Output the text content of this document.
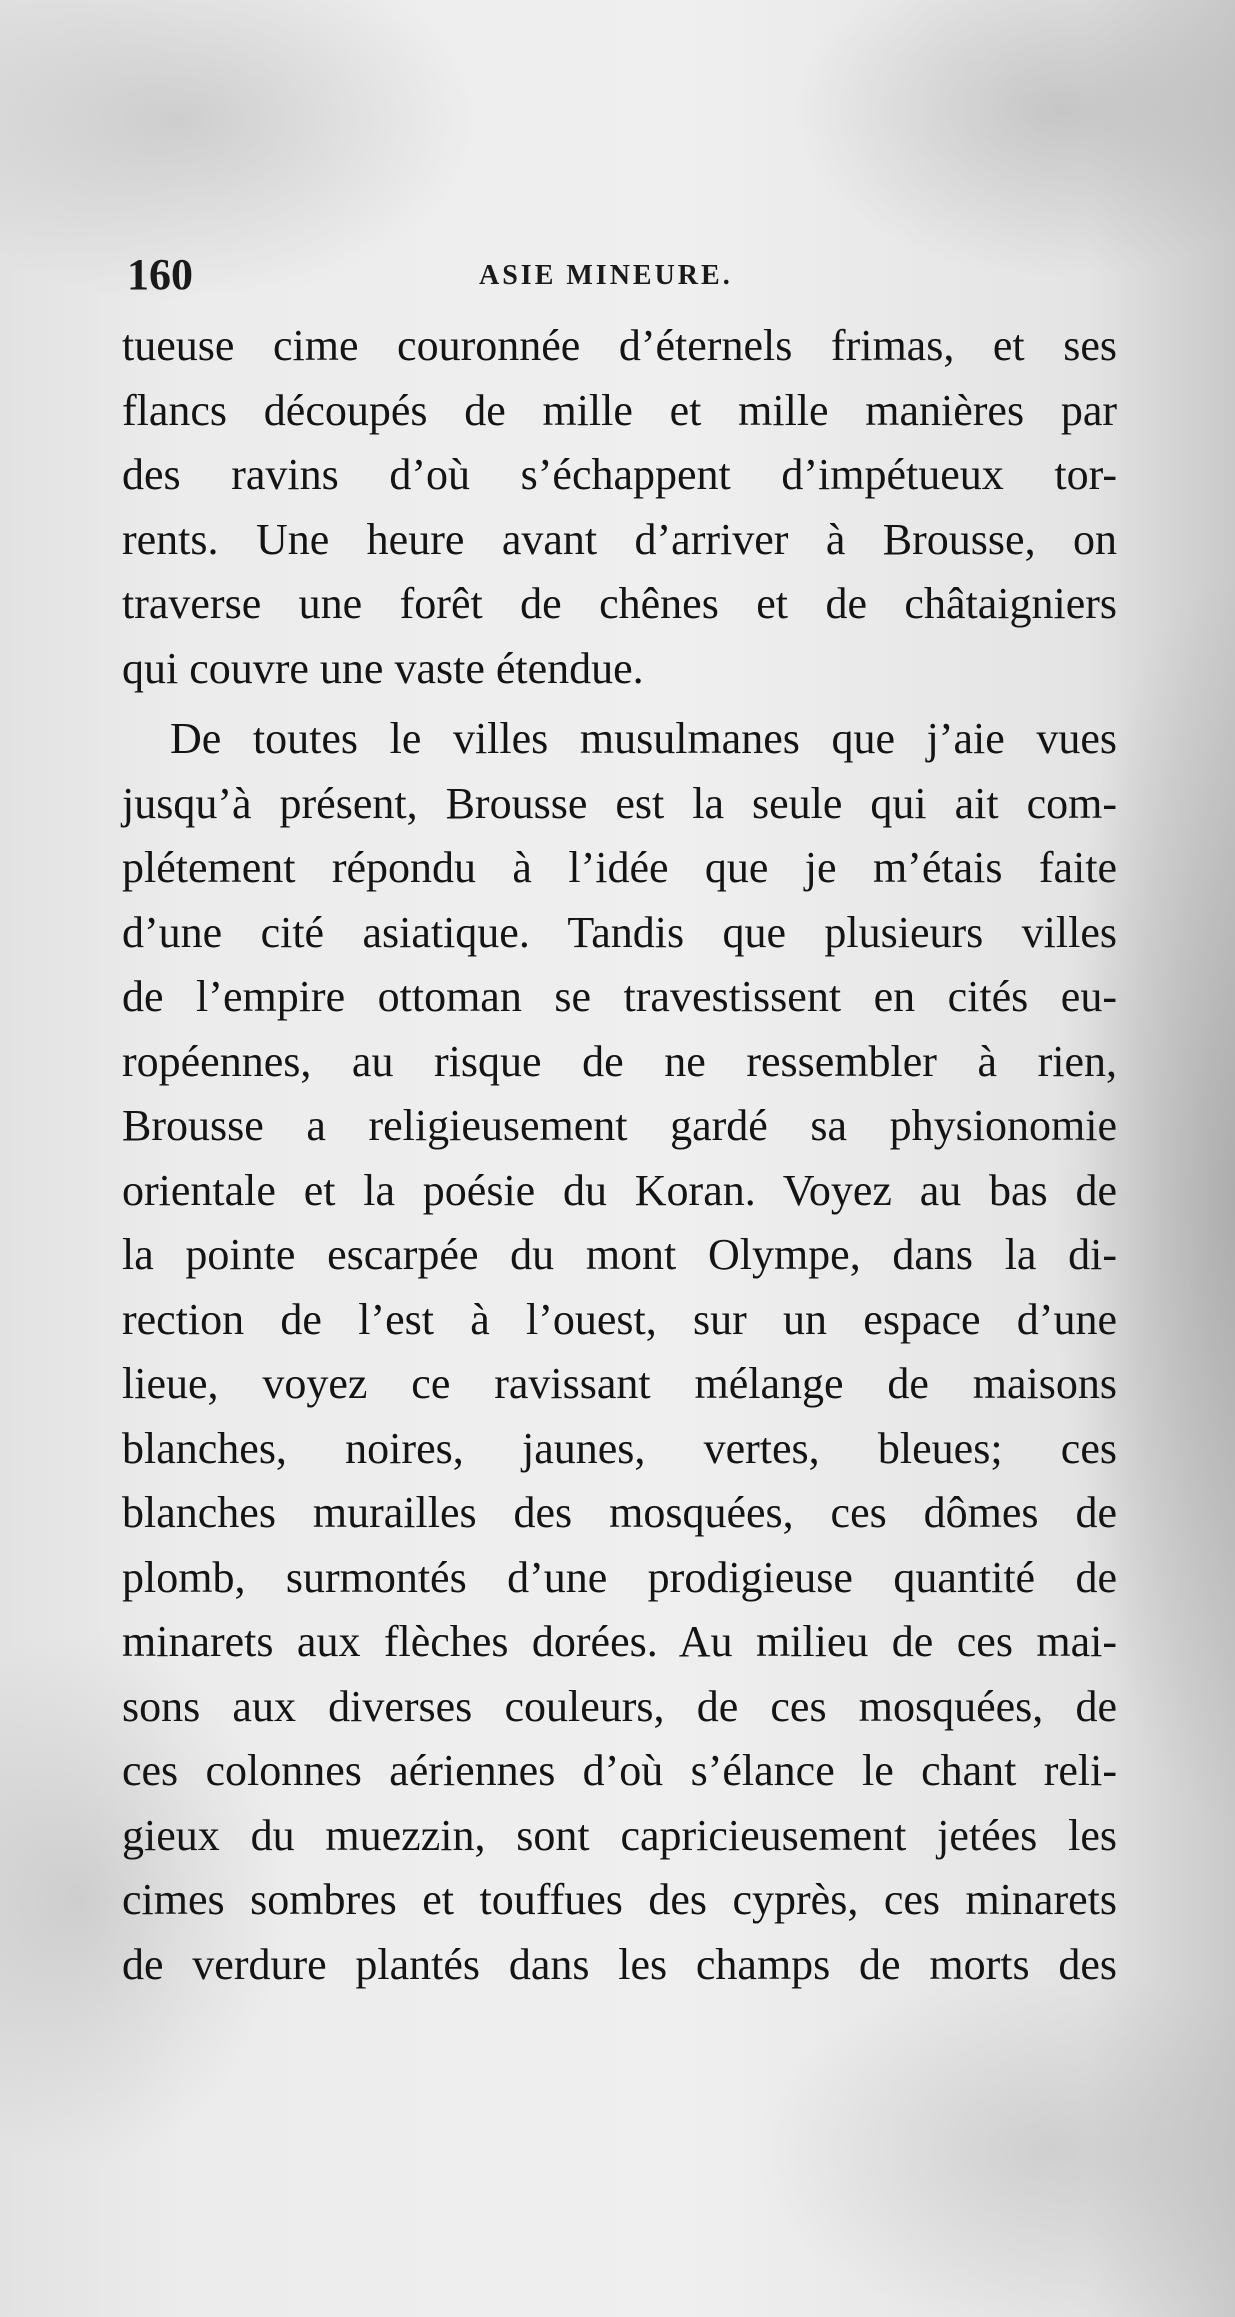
160	ASIE MINEURE.
tueuse cime couronnée d’éternels frimas, et ses
flancs découpés de mille et mille manières par
des ravins d’où s’échappent d’impétueux tor-
rents. Une heure avant d’arriver à Brousse, on
traverse une forêt de chênes et de châtaigniers
qui couvre une vaste étendue.
De toutes le villes musulmanes que j’aie vues
jusqu’à présent, Brousse est la seule qui ait com-
plétement répondu à l’idée que je m’étais faite
d’une cité asiatique. Tandis que plusieurs villes
de l’empire ottoman se travestissent en cités eu-
ropéennes, au risque de ne ressembler à rien,
Brousse a religieusement gardé sa physionomie
orientale et la poésie du Koran. Voyez au bas de
la pointe escarpée du mont Olympe, dans la di-
rection de l’est à l’ouest, sur un espace d’une
lieue, voyez ce ravissant mélange de maisons
blanches, noires, jaunes, vertes, bleues; ces
blanches murailles des mosquées, ces dômes de
plomb, surmontés d’une prodigieuse quantité de
minarets aux flèches dorées. Au milieu de ces mai-
sons aux diverses couleurs, de ces mosquées, de
ces colonnes aériennes d’où s’élance le chant reli-
gieux du muezzin, sont capricieusement jetées les
cimes sombres et touffues des cyprès, ces minarets
de verdure plantés dans les champs de morts des
